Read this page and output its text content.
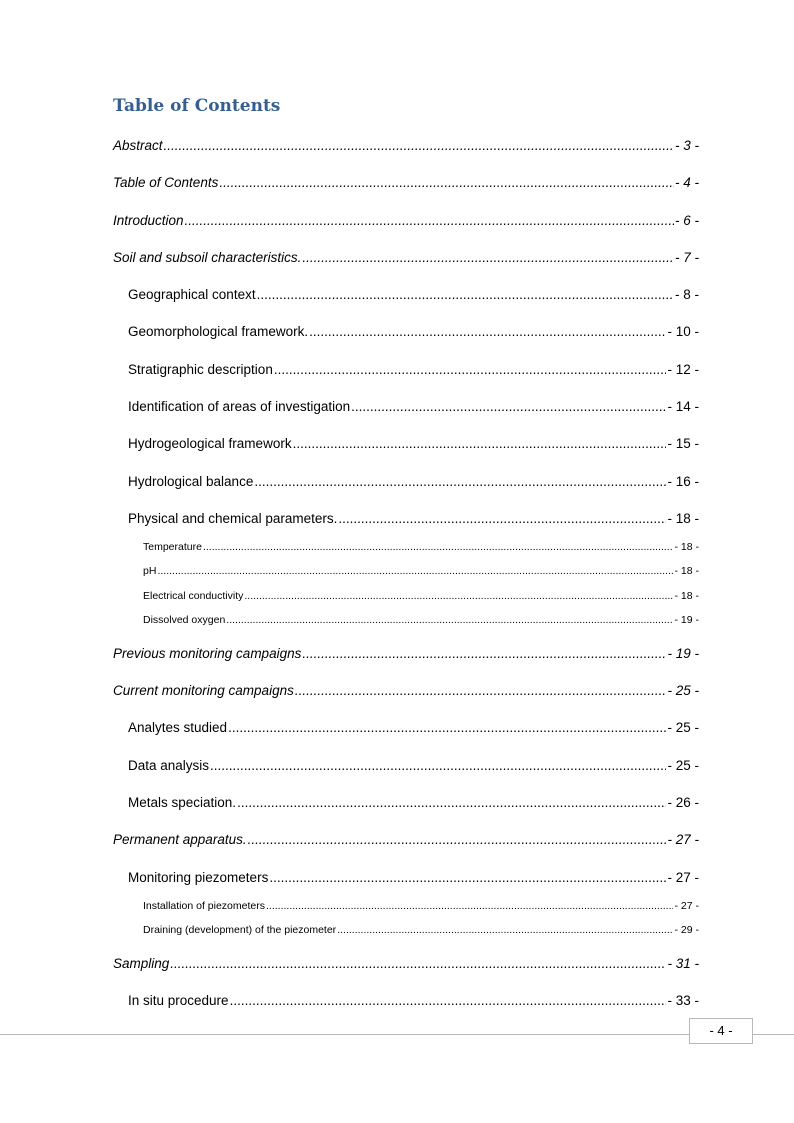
Table of Contents
Abstract .....	- 3 -
Table of Contents .....	- 4 -
Introduction .....	- 6 -
Soil and subsoil characteristics. .....	- 7 -
Geographical context .....	- 8 -
Geomorphological framework. .....	- 10 -
Stratigraphic description .....	- 12 -
Identification of areas of investigation .....	- 14 -
Hydrogeological framework .....	- 15 -
Hydrological balance .....	- 16 -
Physical and chemical parameters. .....	- 18 -
Temperature .....	- 18 -
pH .....	- 18 -
Electrical conductivity .....	- 18 -
Dissolved oxygen .....	- 19 -
Previous monitoring campaigns .....	- 19 -
Current monitoring campaigns .....	- 25 -
Analytes studied .....	- 25 -
Data analysis .....	- 25 -
Metals speciation. .....	- 26 -
Permanent apparatus. .....	- 27 -
Monitoring piezometers .....	- 27 -
Installation of piezometers .....	- 27 -
Draining (development) of the piezometer .....	- 29 -
Sampling .....	- 31 -
In situ procedure .....	- 33 -
- 4 -
